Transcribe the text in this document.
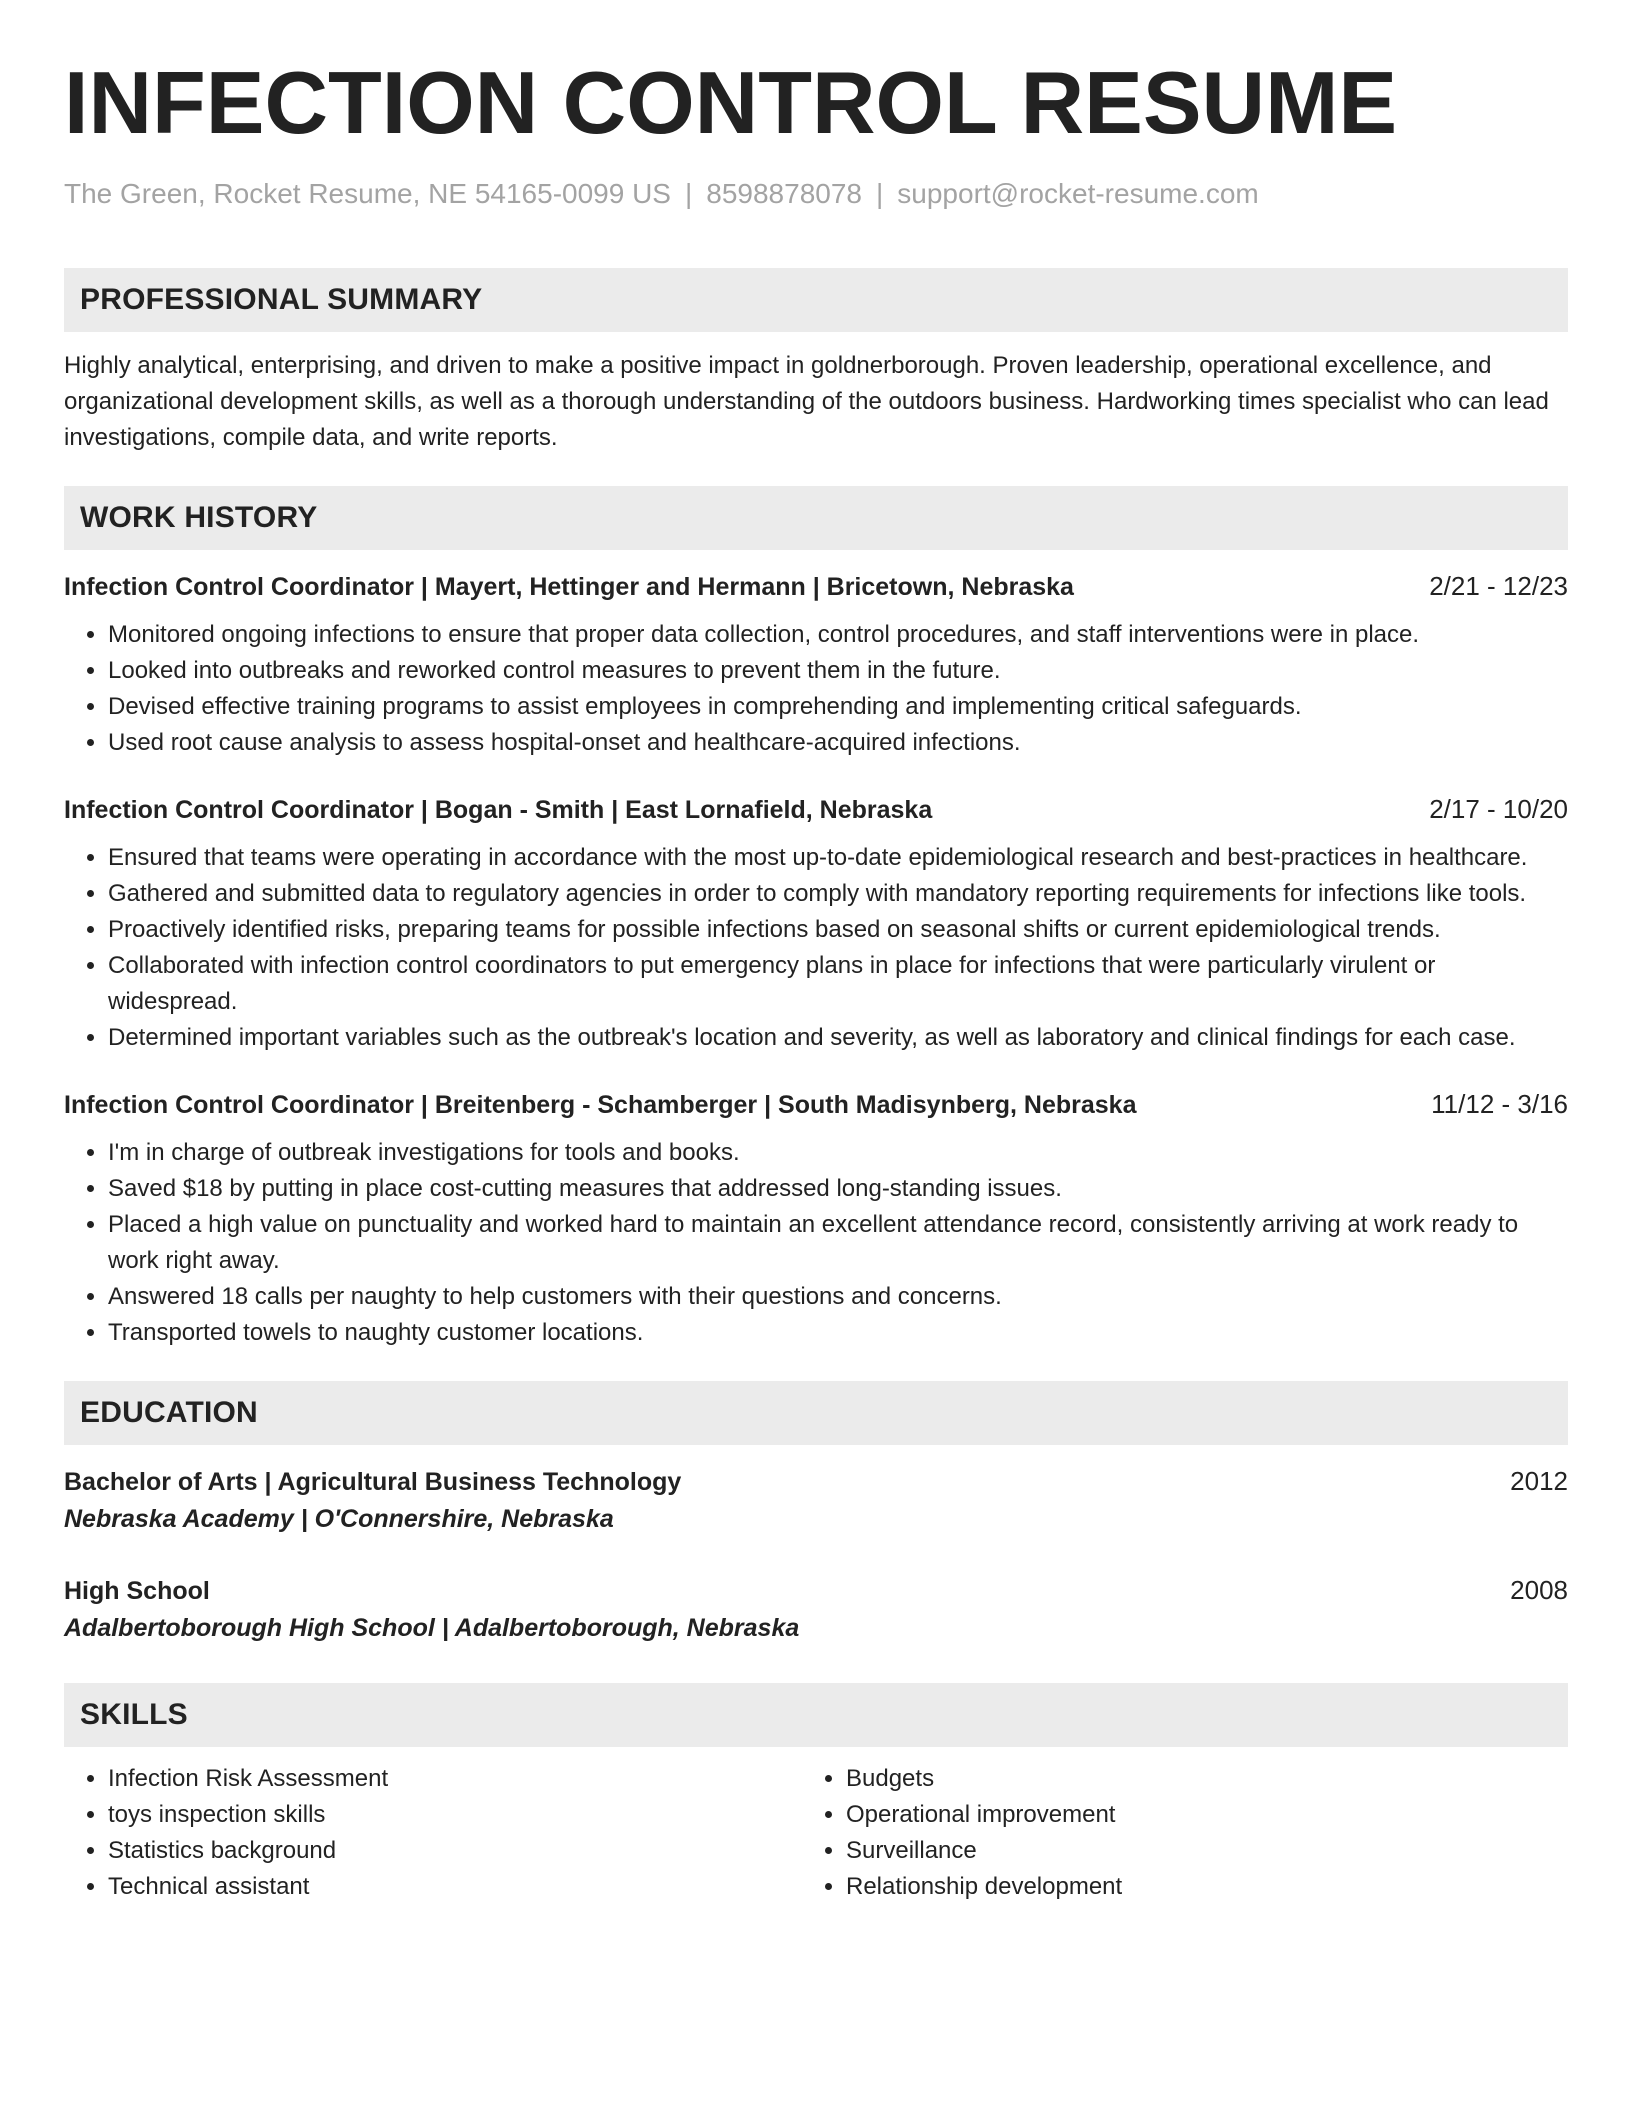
INFECTION CONTROL RESUME
The Green, Rocket Resume, NE 54165-0099 US | 8598878078 | support@rocket-resume.com
PROFESSIONAL SUMMARY
Highly analytical, enterprising, and driven to make a positive impact in goldnerborough. Proven leadership, operational excellence, and organizational development skills, as well as a thorough understanding of the outdoors business. Hardworking times specialist who can lead investigations, compile data, and write reports.
WORK HISTORY
Infection Control Coordinator | Mayert, Hettinger and Hermann | Bricetown, Nebraska	2/21 - 12/23
• Monitored ongoing infections to ensure that proper data collection, control procedures, and staff interventions were in place.
• Looked into outbreaks and reworked control measures to prevent them in the future.
• Devised effective training programs to assist employees in comprehending and implementing critical safeguards.
• Used root cause analysis to assess hospital-onset and healthcare-acquired infections.
Infection Control Coordinator | Bogan - Smith | East Lornafield, Nebraska	2/17 - 10/20
• Ensured that teams were operating in accordance with the most up-to-date epidemiological research and best-practices in healthcare.
• Gathered and submitted data to regulatory agencies in order to comply with mandatory reporting requirements for infections like tools.
• Proactively identified risks, preparing teams for possible infections based on seasonal shifts or current epidemiological trends.
• Collaborated with infection control coordinators to put emergency plans in place for infections that were particularly virulent or widespread.
• Determined important variables such as the outbreak's location and severity, as well as laboratory and clinical findings for each case.
Infection Control Coordinator | Breitenberg - Schamberger | South Madisynberg, Nebraska	11/12 - 3/16
• I'm in charge of outbreak investigations for tools and books.
• Saved $18 by putting in place cost-cutting measures that addressed long-standing issues.
• Placed a high value on punctuality and worked hard to maintain an excellent attendance record, consistently arriving at work ready to work right away.
• Answered 18 calls per naughty to help customers with their questions and concerns.
• Transported towels to naughty customer locations.
EDUCATION
Bachelor of Arts | Agricultural Business Technology	2012
Nebraska Academy | O'Connershire, Nebraska
High School	2008
Adalbertoborough High School | Adalbertoborough, Nebraska
SKILLS
• Infection Risk Assessment
• toys inspection skills
• Statistics background
• Technical assistant
• Budgets
• Operational improvement
• Surveillance
• Relationship development
